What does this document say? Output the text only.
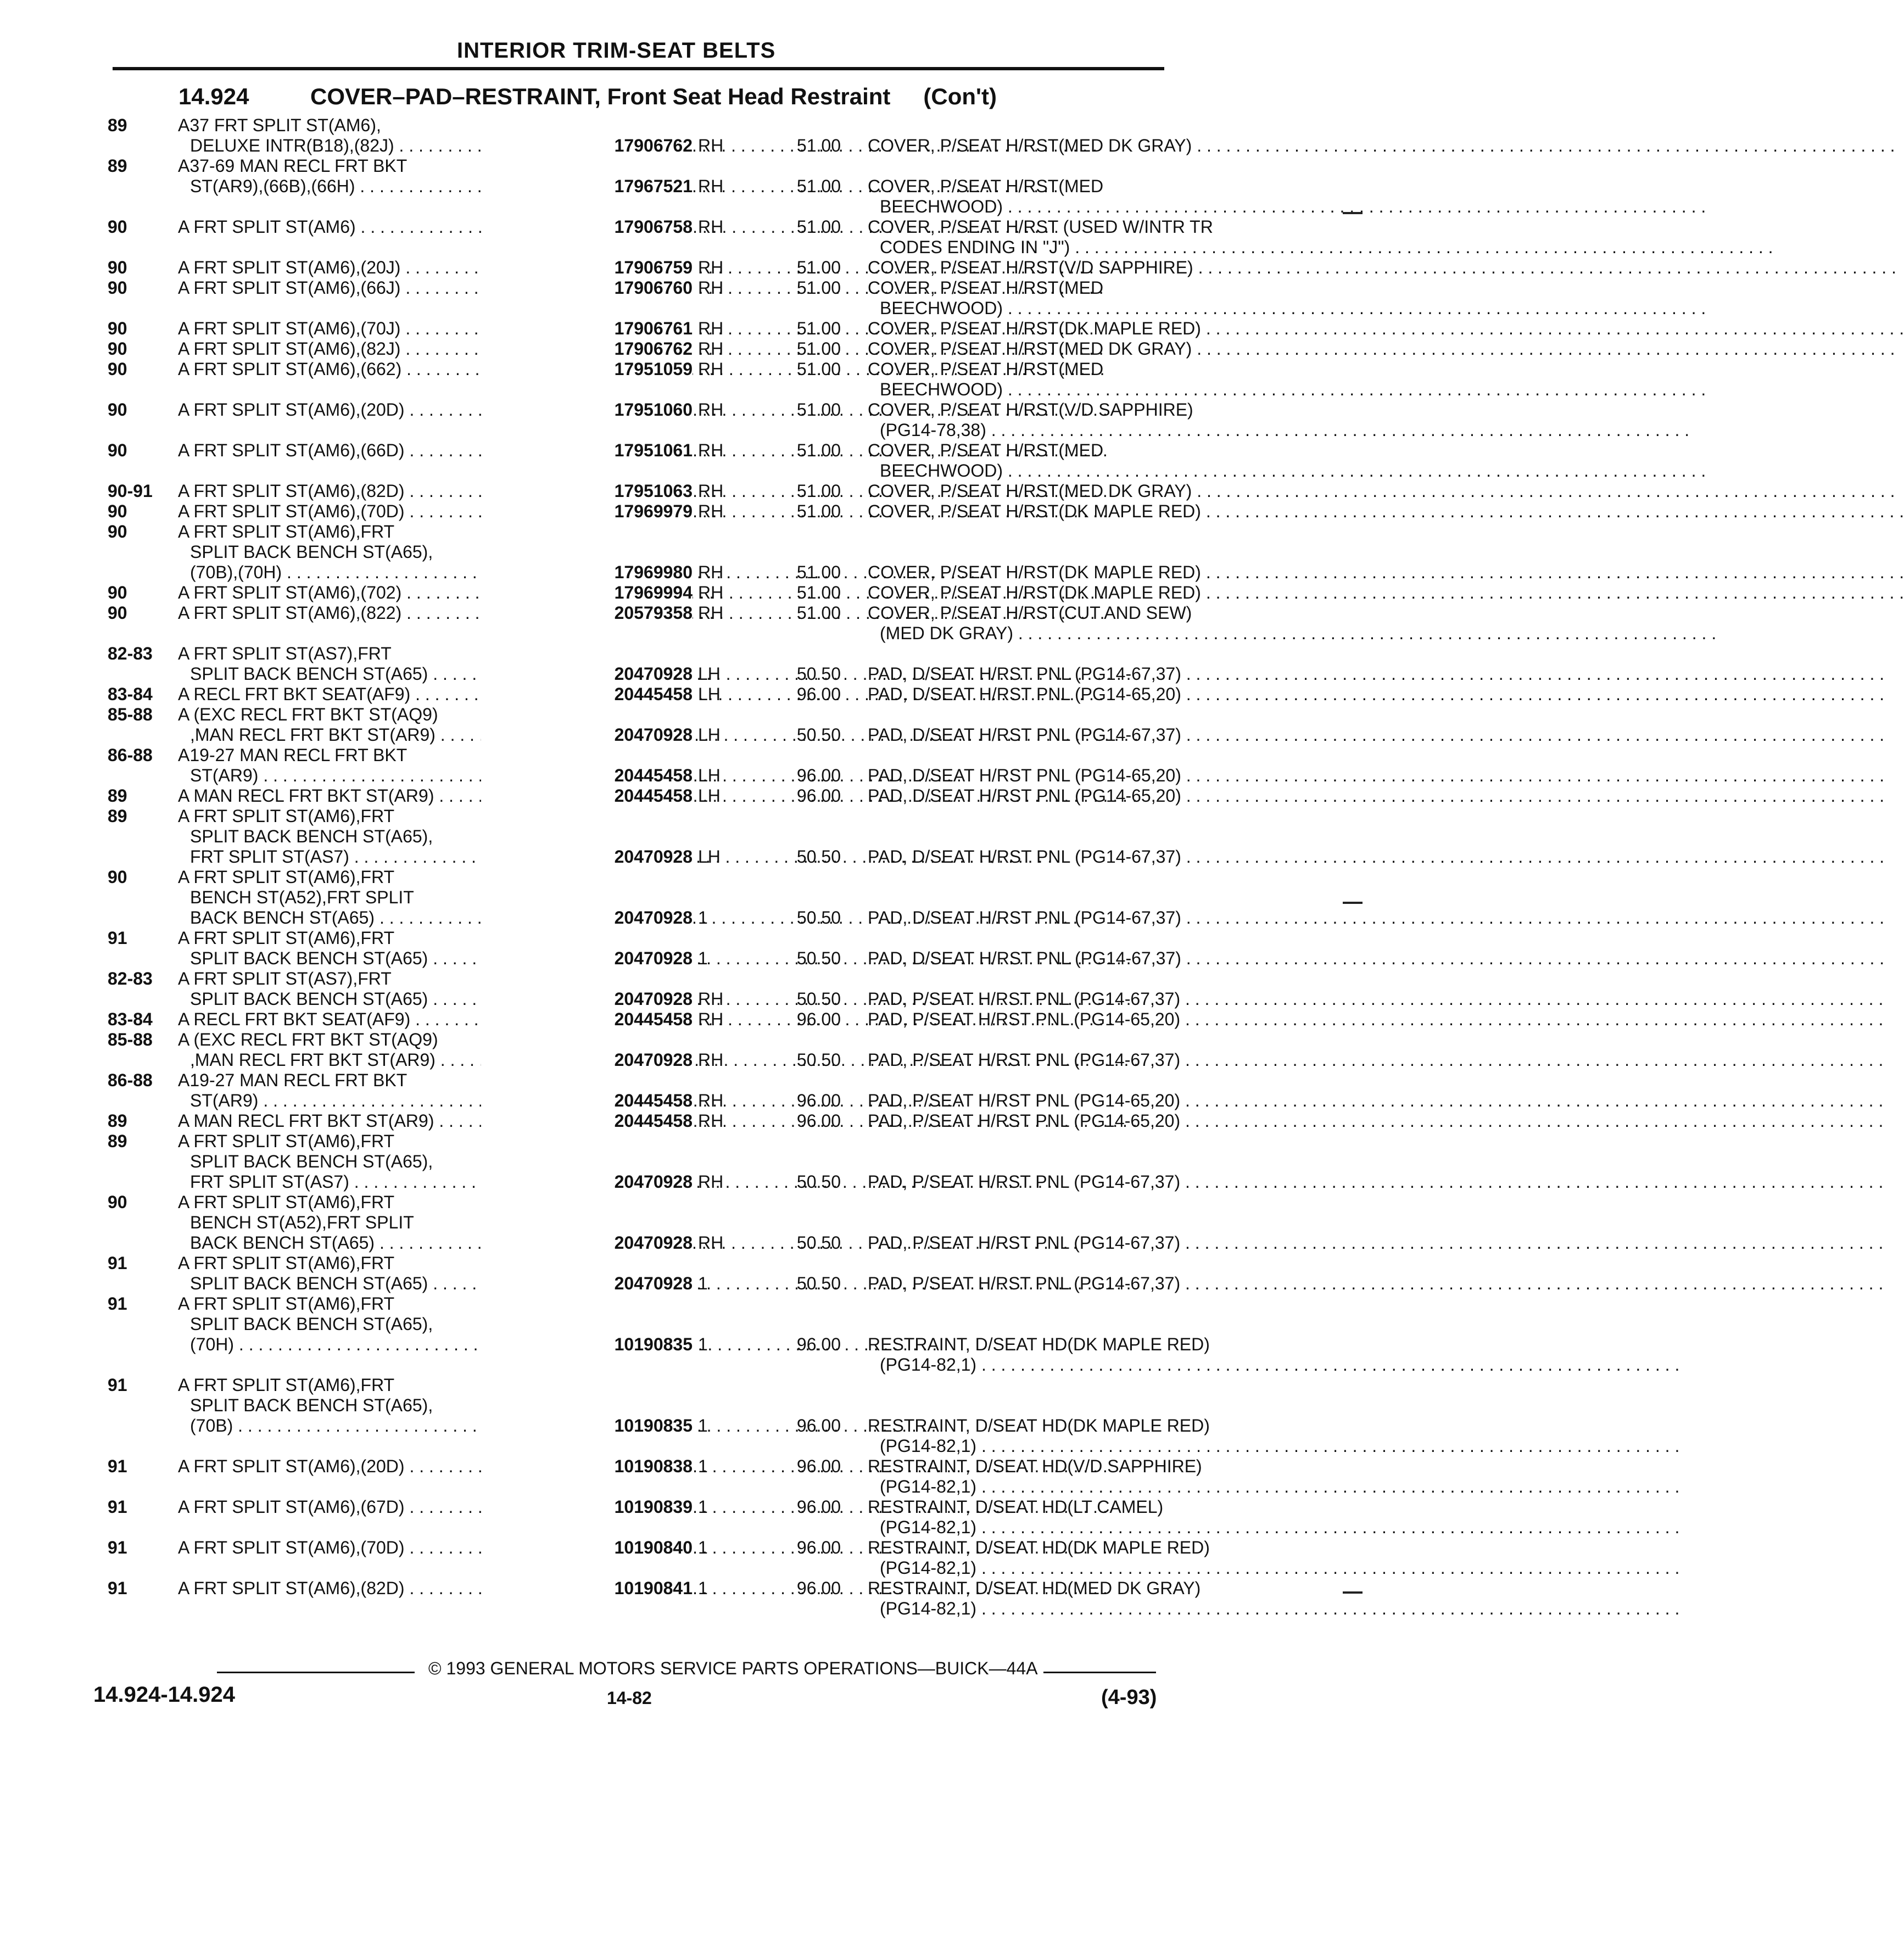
INTERIOR TRIM-SEAT BELTS
14.924	COVER–PAD–RESTRAINT, Front Seat Head Restraint (Con't)
89	A37 FRT SPLIT ST(AM6),
DELUXE INTR(B18),(82J) . . .	17906762 RH	51.00	COVER, P/SEAT H/RST(MED DK GRAY) . . .
89	A37-69 MAN RECL FRT BKT
ST(AR9),(66B),(66H) . . .	17967521 RH	51.00	COVER, P/SEAT H/RST(MED
BEECHWOOD) . . .
90	A FRT SPLIT ST(AM6) . . .	17906758 RH	51.00	COVER, P/SEAT H/RST (USED W/INTR TR
CODES ENDING IN "J") . . .
90	A FRT SPLIT ST(AM6),(20J) . . .	17906759 RH	51.00	COVER, P/SEAT H/RST(V/D SAPPHIRE) . . .
90	A FRT SPLIT ST(AM6),(66J) . . .	17906760 RH	51.00	COVER, P/SEAT H/RST(MED
BEECHWOOD) . . .
90	A FRT SPLIT ST(AM6),(70J) . . .	17906761 RH	51.00	COVER, P/SEAT H/RST(DK MAPLE RED) . . .
90	A FRT SPLIT ST(AM6),(82J) . . .	17906762 RH	51.00	COVER, P/SEAT H/RST(MED DK GRAY) . . .
90	A FRT SPLIT ST(AM6),(662) . . .	17951059 RH	51.00	COVER, P/SEAT H/RST(MED
BEECHWOOD) . . .
90	A FRT SPLIT ST(AM6),(20D) . . .	17951060 RH	51.00	COVER, P/SEAT H/RST(V/D SAPPHIRE)
(PG14-78,38) . . .
90	A FRT SPLIT ST(AM6),(66D) . . .	17951061 RH	51.00	COVER, P/SEAT H/RST(MED
BEECHWOOD) . . .
90-91	A FRT SPLIT ST(AM6),(82D) . . .	17951063 RH	51.00	COVER, P/SEAT H/RST(MED DK GRAY) . . .
90	A FRT SPLIT ST(AM6),(70D) . . .	17969979 RH	51.00	COVER, P/SEAT H/RST(DK MAPLE RED) . . .
90	A FRT SPLIT ST(AM6),FRT
SPLIT BACK BENCH ST(A65),
(70B),(70H) . . .	17969980 RH	51.00	COVER, P/SEAT H/RST(DK MAPLE RED) . . .
90	A FRT SPLIT ST(AM6),(702) . . .	17969994 RH	51.00	COVER, P/SEAT H/RST(DK MAPLE RED) . . .
90	A FRT SPLIT ST(AM6),(822) . . .	20579358 RH	51.00	COVER, P/SEAT H/RST(CUT AND SEW)
(MED DK GRAY) . . .
82-83	A FRT SPLIT ST(AS7),FRT
SPLIT BACK BENCH ST(A65) . . .	20470928 LH	50.50	PAD, D/SEAT H/RST PNL (PG14-67,37) . . .
83-84	A RECL FRT BKT SEAT(AF9) . . .	20445458 LH	96.00	PAD, D/SEAT H/RST PNL (PG14-65,20) . . .
85-88	A (EXC RECL FRT BKT ST(AQ9)
,MAN RECL FRT BKT ST(AR9) . . .	20470928 LH	50.50	PAD, D/SEAT H/RST PNL (PG14-67,37) . . .
86-88	A19-27 MAN RECL FRT BKT
ST(AR9) . . .	20445458 LH	96.00	PAD, D/SEAT H/RST PNL (PG14-65,20) . . .
89	A MAN RECL FRT BKT ST(AR9) . . .	20445458 LH	96.00	PAD, D/SEAT H/RST PNL (PG14-65,20) . . .
89	A FRT SPLIT ST(AM6),FRT
SPLIT BACK BENCH ST(A65),
FRT SPLIT ST(AS7) . . .	20470928 LH	50.50	PAD, D/SEAT H/RST PNL (PG14-67,37) . . .
90	A FRT SPLIT ST(AM6),FRT
BENCH ST(A52),FRT SPLIT
BACK BENCH ST(A65) . . .	20470928 1	50.50	PAD, D/SEAT H/RST PNL (PG14-67,37) . . .
91	A FRT SPLIT ST(AM6),FRT
SPLIT BACK BENCH ST(A65) . . .	20470928 1	50.50	PAD, D/SEAT H/RST PNL (PG14-67,37) . . .
82-83	A FRT SPLIT ST(AS7),FRT
SPLIT BACK BENCH ST(A65) . . .	20470928 RH	50.50	PAD, P/SEAT H/RST PNL (PG14-67,37) . . .
83-84	A RECL FRT BKT SEAT(AF9) . . .	20445458 RH	96.00	PAD, P/SEAT H/RST PNL (PG14-65,20) . . .
85-88	A (EXC RECL FRT BKT ST(AQ9)
,MAN RECL FRT BKT ST(AR9) . . .	20470928 RH	50.50	PAD, P/SEAT H/RST PNL (PG14-67,37) . . .
86-88	A19-27 MAN RECL FRT BKT
ST(AR9) . . .	20445458 RH	96.00	PAD, P/SEAT H/RST PNL (PG14-65,20) . . .
89	A MAN RECL FRT BKT ST(AR9) . . .	20445458 RH	96.00	PAD, P/SEAT H/RST PNL (PG14-65,20) . . .
89	A FRT SPLIT ST(AM6),FRT
SPLIT BACK BENCH ST(A65),
FRT SPLIT ST(AS7) . . .	20470928 RH	50.50	PAD, P/SEAT H/RST PNL (PG14-67,37) . . .
90	A FRT SPLIT ST(AM6),FRT
BENCH ST(A52),FRT SPLIT
BACK BENCH ST(A65) . . .	20470928 RH	50.50	PAD, P/SEAT H/RST PNL (PG14-67,37) . . .
91	A FRT SPLIT ST(AM6),FRT
SPLIT BACK BENCH ST(A65) . . .	20470928 1	50.50	PAD, P/SEAT H/RST PNL (PG14-67,37) . . .
91	A FRT SPLIT ST(AM6),FRT
SPLIT BACK BENCH ST(A65),
(70H) . . .	10190835 1	96.00	RESTRAINT, D/SEAT HD(DK MAPLE RED)
(PG14-82,1) . . .
91	A FRT SPLIT ST(AM6),FRT
SPLIT BACK BENCH ST(A65),
(70B) . . .	10190835 1	96.00	RESTRAINT, D/SEAT HD(DK MAPLE RED)
(PG14-82,1) . . .
91	A FRT SPLIT ST(AM6),(20D) . . .	10190838 1	96.00	RESTRAINT, D/SEAT HD(V/D SAPPHIRE)
(PG14-82,1) . . .
91	A FRT SPLIT ST(AM6),(67D) . . .	10190839 1	96.00	RESTRAINT, D/SEAT HD(LT CAMEL)
(PG14-82,1) . . .
91	A FRT SPLIT ST(AM6),(70D) . . .	10190840 1	96.00	RESTRAINT, D/SEAT HD(DK MAPLE RED)
(PG14-82,1) . . .
91	A FRT SPLIT ST(AM6),(82D) . . .	10190841 1	96.00	RESTRAINT, D/SEAT HD(MED DK GRAY)
(PG14-82,1) . . .
© 1993 GENERAL MOTORS SERVICE PARTS OPERATIONS—BUICK—44A
14.924-14.924	14-82	(4-93)
